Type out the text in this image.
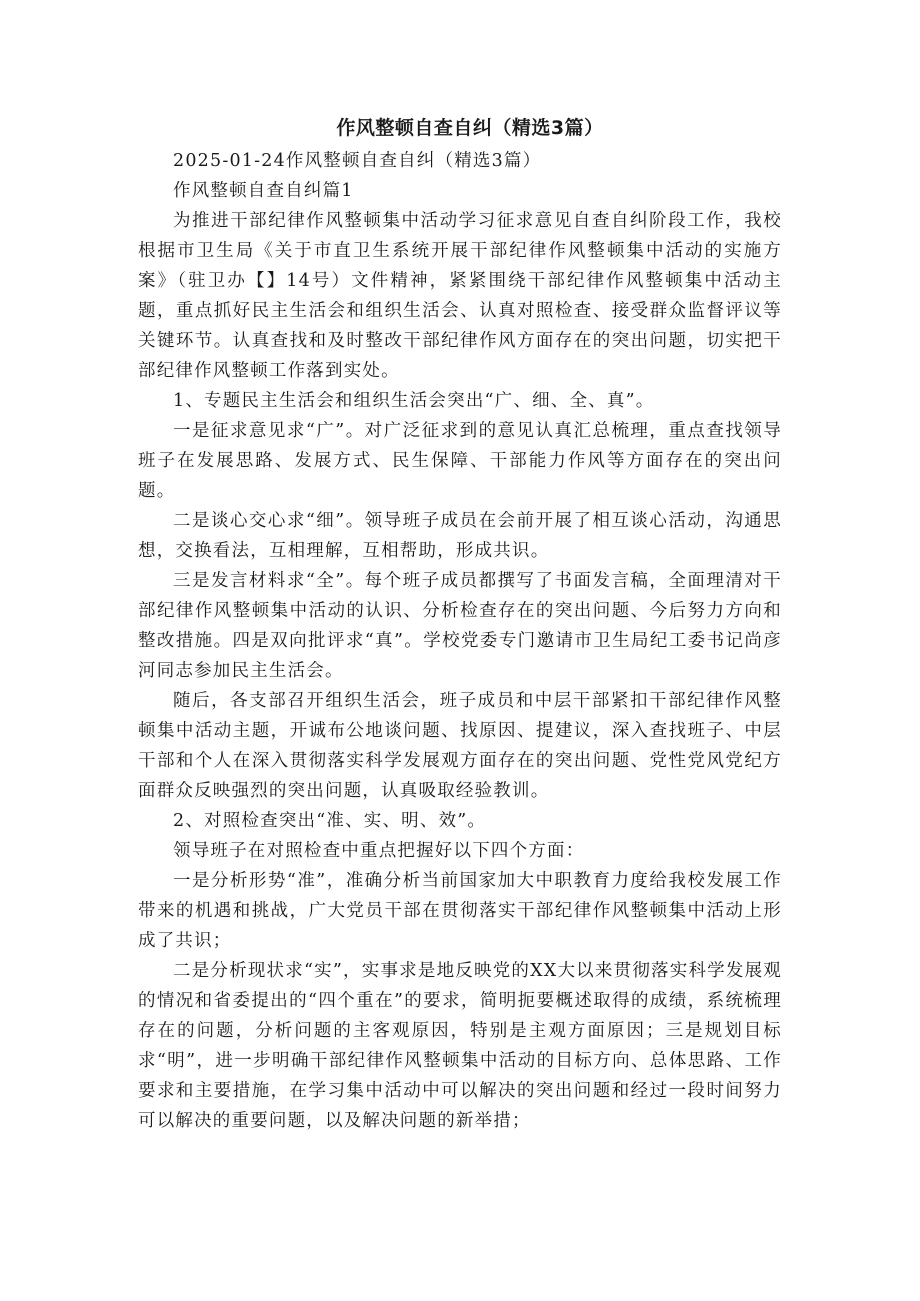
作风整顿自查自纠（精选3篇）

2025-01-24作风整顿自查自纠（精选3篇）

作风整顿自查自纠篇1

为推进干部纪律作风整顿集中活动学习征求意见自查自纠阶段工作，我校根据市卫生局《关于市直卫生系统开展干部纪律作风整顿集中活动的实施方案》（驻卫办【】14号）文件精神，紧紧围绕干部纪律作风整顿集中活动主题，重点抓好民主生活会和组织生活会、认真对照检查、接受群众监督评议等关键环节。认真查找和及时整改干部纪律作风方面存在的突出问题，切实把干部纪律作风整顿工作落到实处。

1、专题民主生活会和组织生活会突出“广、细、全、真”。

一是征求意见求“广”。对广泛征求到的意见认真汇总梳理，重点查找领导班子在发展思路、发展方式、民生保障、干部能力作风等方面存在的突出问题。

二是谈心交心求“细”。领导班子成员在会前开展了相互谈心活动，沟通思想，交换看法，互相理解，互相帮助，形成共识。

三是发言材料求“全”。每个班子成员都撰写了书面发言稿，全面理清对干部纪律作风整顿集中活动的认识、分析检查存在的突出问题、今后努力方向和整改措施。四是双向批评求“真”。学校党委专门邀请市卫生局纪工委书记尚彦河同志参加民主生活会。

随后，各支部召开组织生活会，班子成员和中层干部紧扣干部纪律作风整顿集中活动主题，开诚布公地谈问题、找原因、提建议，深入查找班子、中层干部和个人在深入贯彻落实科学发展观方面存在的突出问题、党性党风党纪方面群众反映强烈的突出问题，认真吸取经验教训。

2、对照检查突出“准、实、明、效”。

领导班子在对照检查中重点把握好以下四个方面：

一是分析形势“准”，准确分析当前国家加大中职教育力度给我校发展工作带来的机遇和挑战，广大党员干部在贯彻落实干部纪律作风整顿集中活动上形成了共识；

二是分析现状求“实”，实事求是地反映党的XX大以来贯彻落实科学发展观的情况和省委提出的“四个重在”的要求，简明扼要概述取得的成绩，系统梳理存在的问题，分析问题的主客观原因，特别是主观方面原因；三是规划目标求“明”，进一步明确干部纪律作风整顿集中活动的目标方向、总体思路、工作要求和主要措施，在学习集中活动中可以解决的突出问题和经过一段时间努力可以解决的重要问题，以及解决问题的新举措；
